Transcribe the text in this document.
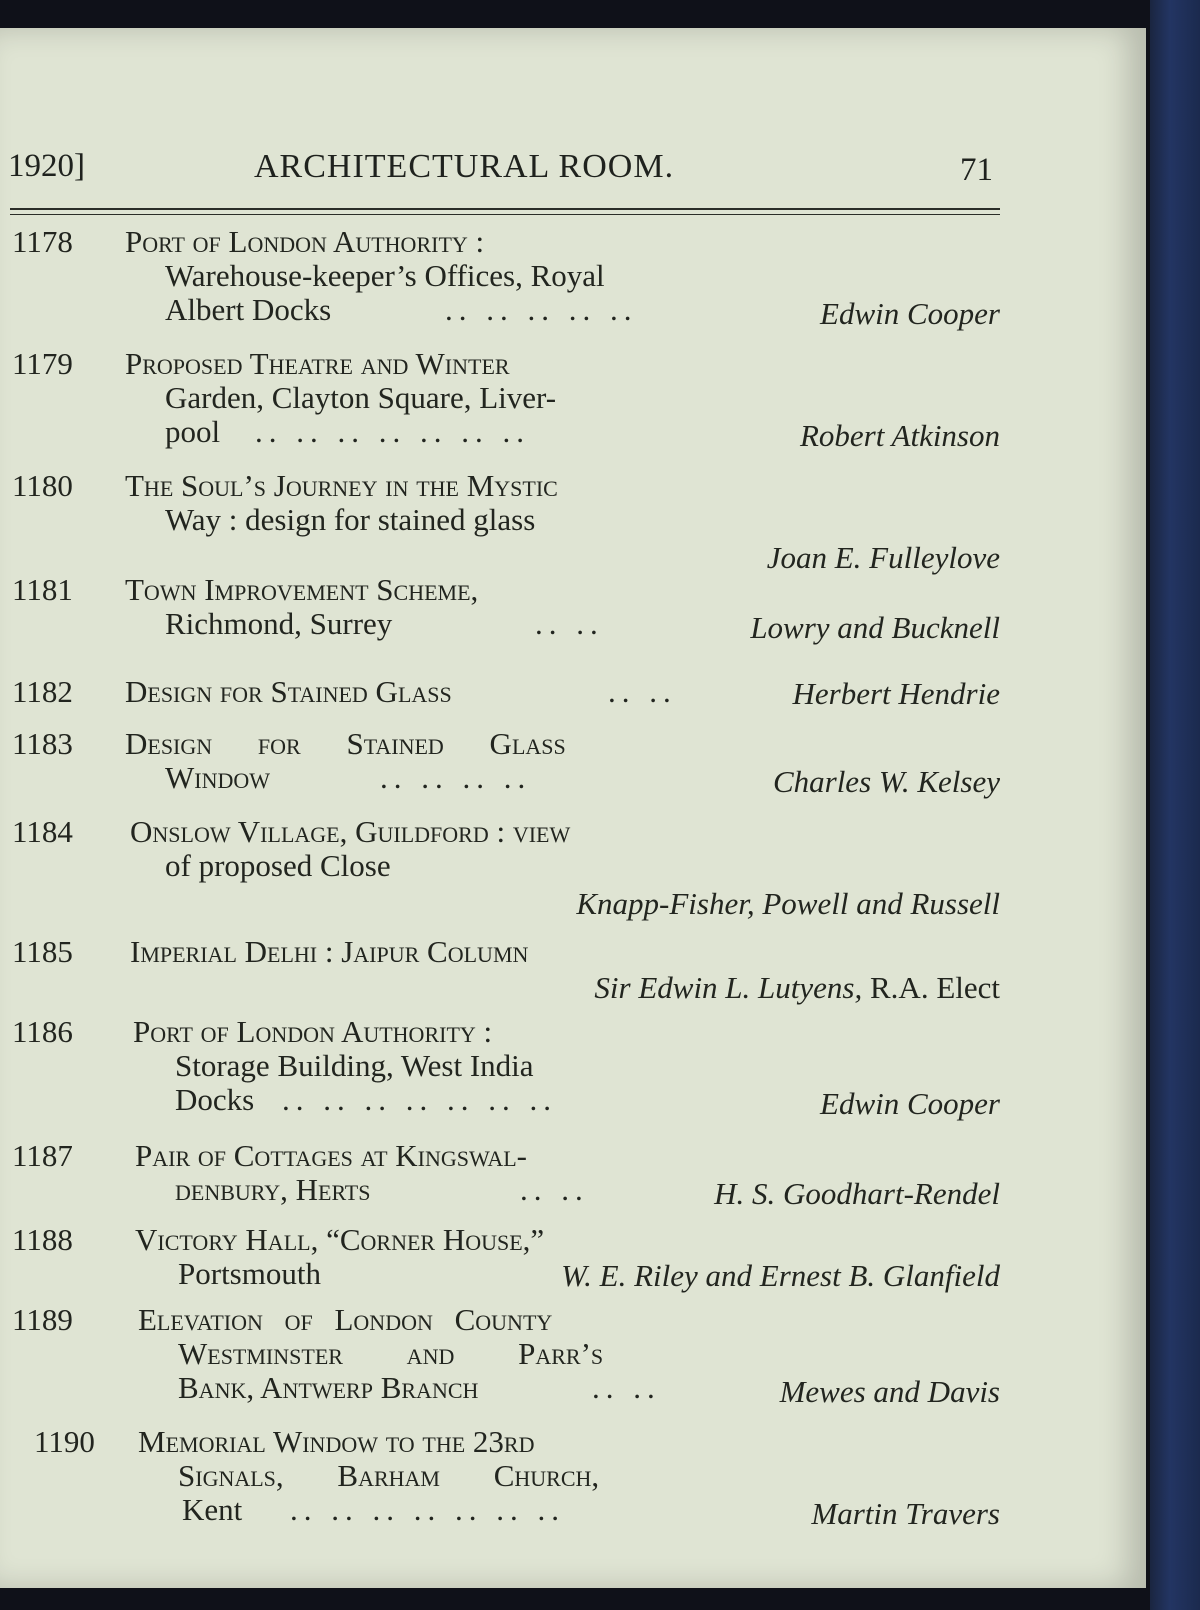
1920]	ARCHITECTURAL ROOM.	71
1178 Port of London Authority :
Warehouse-keeper’s Offices, Royal
Albert Docks	.. .. .. .. ..	Edwin Cooper
1179 Proposed Theatre and Winter
Garden, Clayton Square, Liver-
pool .. .. .. .. .. .. ..	Robert Atkinson
1180 The Soul’s Journey in the Mystic
Way : design for stained glass
Joan E. Fulleylove
1181 Town Improvement Scheme,
Richmond, Surrey	.. ..	Lowry and Bucknell
1182 Design for Stained Glass	.. ..	Herbert Hendrie
1183 Design for Stained Glass
Window	.. .. .. ..	Charles W. Kelsey
1184 Onslow Village, Guildford : view
of proposed Close
Knapp-Fisher, Powell and Russell
1185 Imperial Delhi : Jaipur Column
Sir Edwin L. Lutyens, R.A. Elect
1186 Port of London Authority :
Storage Building, West India
Docks .. .. .. .. .. .. ..	Edwin Cooper
1187 Pair of Cottages at Kingswal-
denbury, Herts	.. ..	H. S. Goodhart-Rendel
1188 Victory Hall, “Corner House,”
Portsmouth	W. E. Riley and Ernest B. Glanfield
1189 Elevation of London County
Westminster and Parr’s
Bank, Antwerp Branch	.. ..	Mewes and Davis
1190 Memorial Window to the 23rd
Signals, Barham Church,
Kent .. .. .. .. .. .. ..	Martin Travers
